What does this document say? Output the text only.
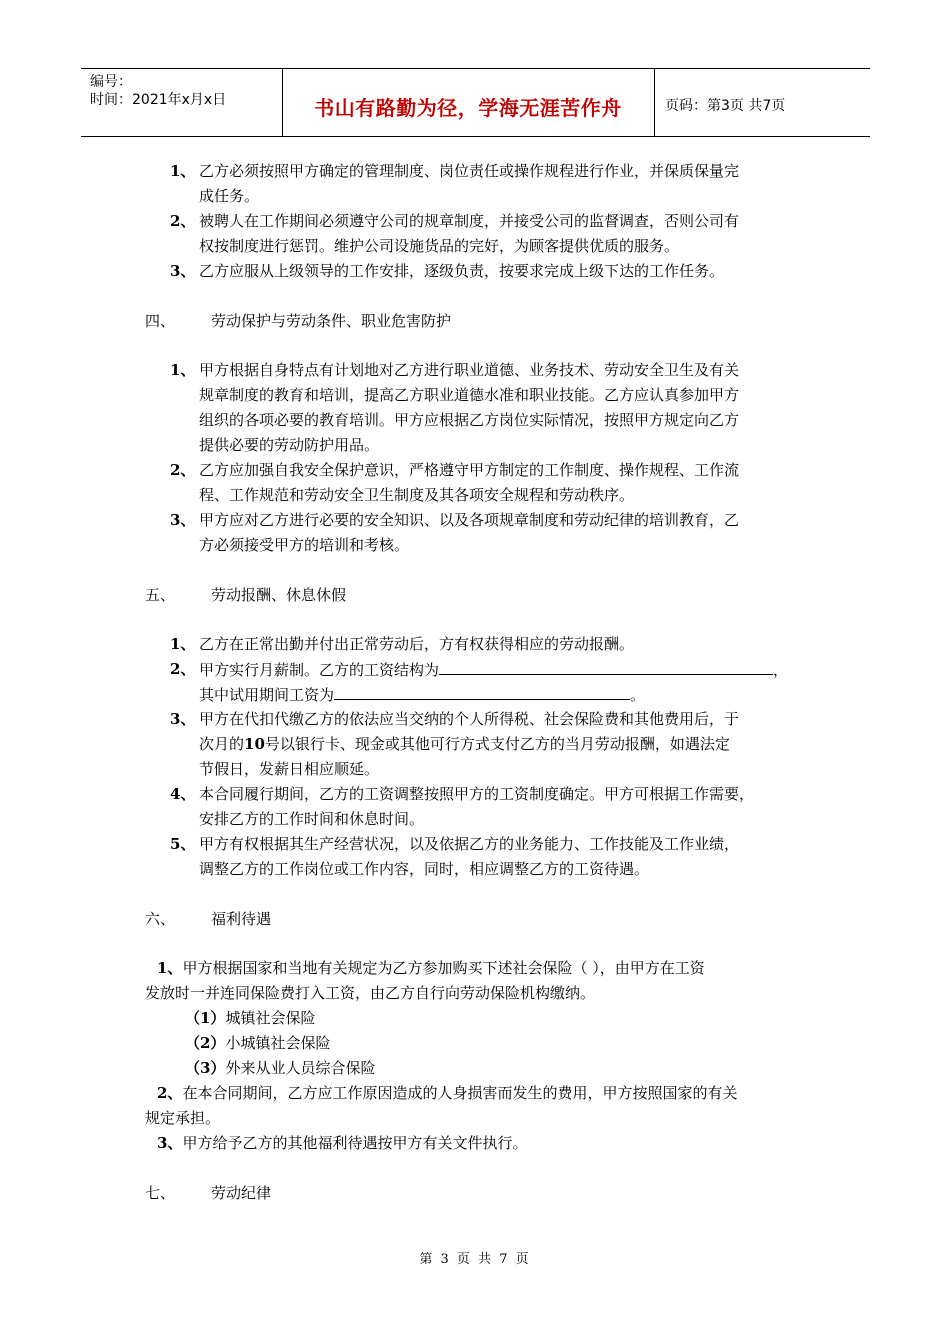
编号：
时间：2021年x月x日	书山有路勤为径，学海无涯苦作舟	页码：第3页 共7页
1、 乙方必须按照甲方确定的管理制度、岗位责任或操作规程进行作业，并保质保量完
成任务。
2、 被聘人在工作期间必须遵守公司的规章制度，并接受公司的监督调查，否则公司有
权按制度进行惩罚。维护公司设施货品的完好，为顾客提供优质的服务。
3、 乙方应服从上级领导的工作安排，逐级负责，按要求完成上级下达的工作任务。
四、 劳动保护与劳动条件、职业危害防护
1、 甲方根据自身特点有计划地对乙方进行职业道德、业务技术、劳动安全卫生及有关
规章制度的教育和培训，提高乙方职业道德水准和职业技能。乙方应认真参加甲方
组织的各项必要的教育培训。甲方应根据乙方岗位实际情况，按照甲方规定向乙方
提供必要的劳动防护用品。
2、 乙方应加强自我安全保护意识，严格遵守甲方制定的工作制度、操作规程、工作流
程、工作规范和劳动安全卫生制度及其各项安全规程和劳动秩序。
3、 甲方应对乙方进行必要的安全知识、以及各项规章制度和劳动纪律的培训教育，乙
方必须接受甲方的培训和考核。
五、 劳动报酬、休息休假
1、 乙方在正常出勤并付出正常劳动后，方有权获得相应的劳动报酬。
2、 甲方实行月薪制。乙方的工资结构为	，
其中试用期间工资为	。
3、 甲方在代扣代缴乙方的依法应当交纳的个人所得税、社会保险费和其他费用后，于
次月的10号以银行卡、现金或其他可行方式支付乙方的当月劳动报酬，如遇法定
节假日，发薪日相应顺延。
4、 本合同履行期间，乙方的工资调整按照甲方的工资制度确定。甲方可根据工作需要，
安排乙方的工作时间和休息时间。
5、 甲方有权根据其生产经营状况，以及依据乙方的业务能力、工作技能及工作业绩，
调整乙方的工作岗位或工作内容，同时，相应调整乙方的工资待遇。
六、 福利待遇
1、甲方根据国家和当地有关规定为乙方参加购买下述社会保险（ ），由甲方在工资
发放时一并连同保险费打入工资，由乙方自行向劳动保险机构缴纳。
（1）城镇社会保险
（2）小城镇社会保险
（3）外来从业人员综合保险
2、在本合同期间，乙方应工作原因造成的人身损害而发生的费用，甲方按照国家的有关
规定承担。
3、甲方给予乙方的其他福利待遇按甲方有关文件执行。
七、 劳动纪律
第 3 页 共 7 页
